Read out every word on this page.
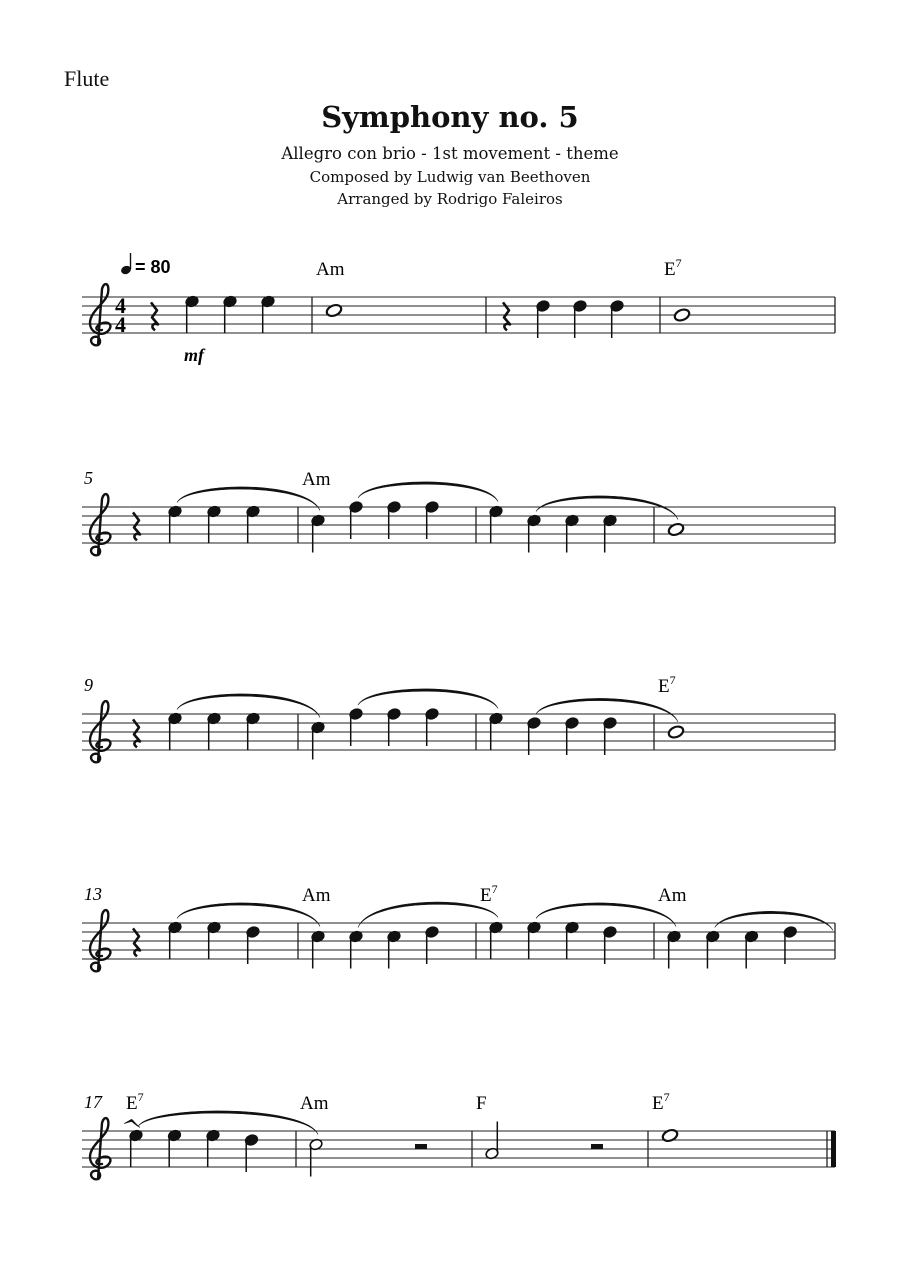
Flute
Symphony no. 5
Allegro con brio - 1st movement - theme
Composed by Ludwig van Beethoven
Arranged by Rodrigo Faleiros
4
4
= 80
mf
Am	$E^7$
5	Am
9	$E^7$
13	Am	$E^7$	Am
17 $E^7$	Am	F	$E^7$
